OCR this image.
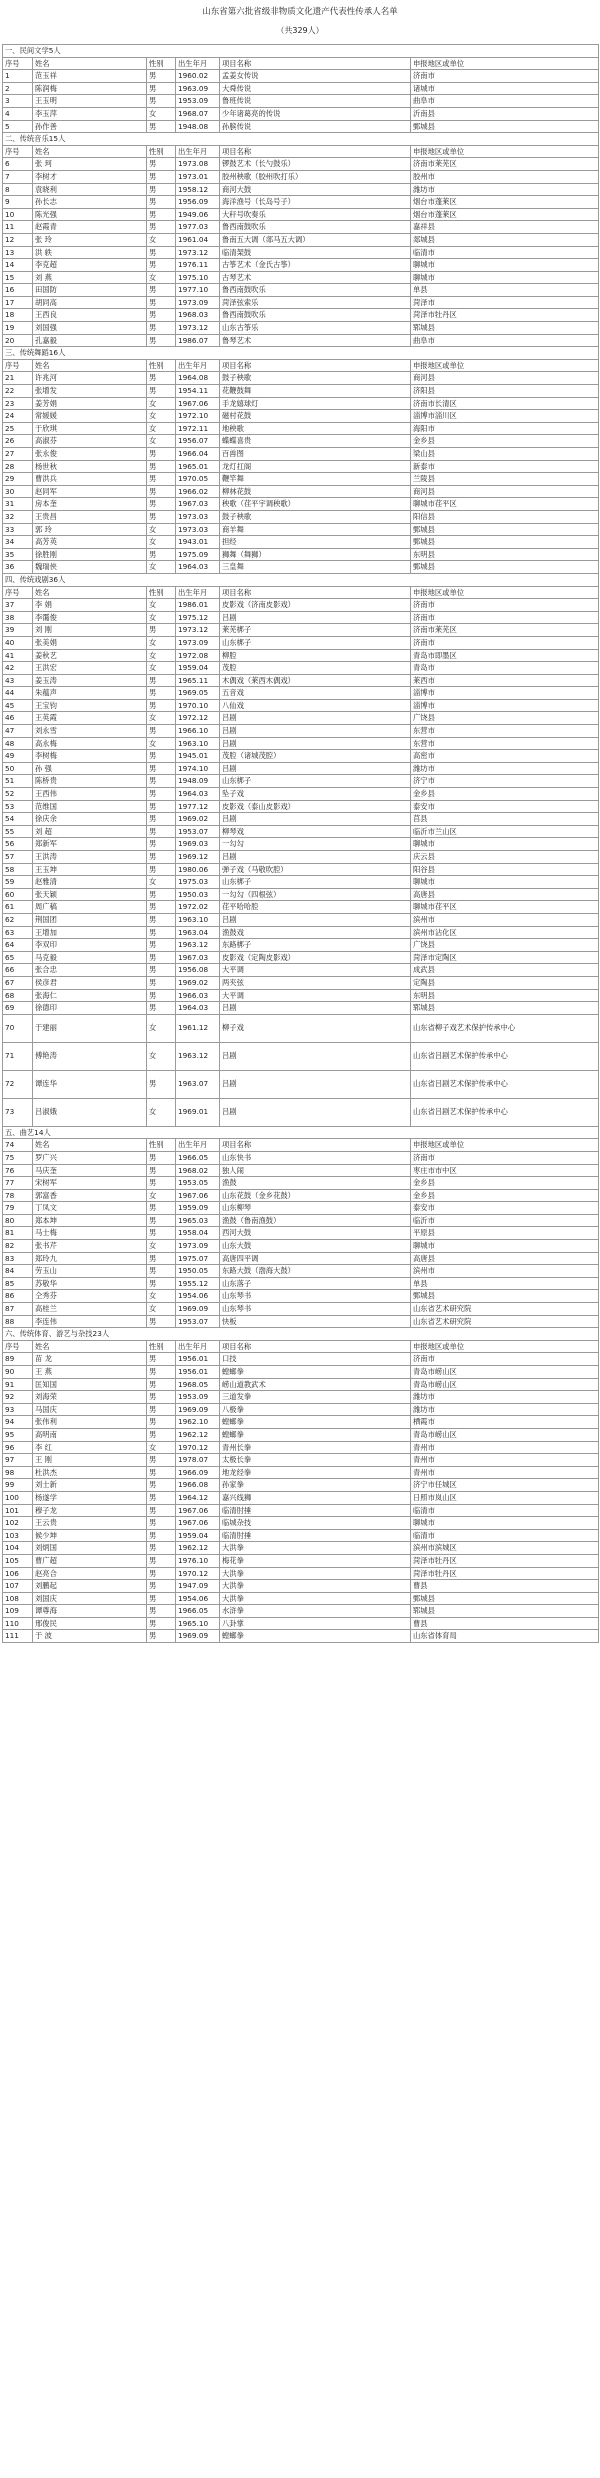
山东省第六批省级非物质文化遗产代表性传承人名单
（共329人）
一、民间文学5人					
序号	姓名	性别	出生年月	项目名称	申报地区或单位
1	范玉祥	男	1960.02	孟姜女传说	济南市
2	陈润梅	男	1963.09	大舜传说	诸城市
3	王玉明	男	1953.09	鲁班传说	曲阜市
4	李玉萍	女	1968.07	少年诸葛亮的传说	沂南县
5	孙作善	男	1948.08	孙膑传说	鄄城县
二、传统音乐15人					
序号	姓名	性别	出生年月	项目名称	申报地区或单位
6	张 珂	男	1973.08	锣鼓艺术（长勺鼓乐）	济南市莱芜区
7	李树才	男	1973.01	胶州秧歌（胶州吹打乐）	胶州市
8	袁晓利	男	1958.12	商河大鼓	潍坊市
9	孙长志	男	1956.09	海洋渔号（长岛号子）	烟台市蓬莱区
10	陈光强	男	1949.06	大秆号吹奏乐	烟台市蓬莱区
11	赵霞青	男	1977.03	鲁西南鼓吹乐	嘉祥县
12	张 玲	女	1961.04	鲁南五大调（郯马五大调）	郯城县
13	洪 轶	男	1973.12	临清架鼓	临清市
14	李克超	男	1976.11	古筝艺术（金氏古筝）	聊城市
15	刘 燕	女	1975.10	古琴艺术	聊城市
16	田国防	男	1977.10	鲁西南鼓吹乐	单县
17	胡同高	男	1973.09	菏泽弦索乐	菏泽市
18	王西良	男	1968.03	鲁西南鼓吹乐	菏泽市牡丹区
19	刘国强	男	1973.12	山东古筝乐	郓城县
20	孔嘉毅	男	1986.07	鲁琴艺术	曲阜市
三、传统舞蹈16人					
序号	姓名	性别	出生年月	项目名称	申报地区或单位
21	许兆河	男	1964.08	鼓子秧歌	商河县
22	张增发	男	1954.11	花鞭鼓舞	济阳县
23	姜芳娟	女	1967.06	手龙嬉球灯	济南市长清区
24	常媛媛	女	1972.10	磁村花鼓	淄博市淄川区
25	于欣琪	女	1972.11	地秧歌	海阳市
26	高淑芬	女	1956.07	蝶蝶喜贵	金乡县
27	张永俊	男	1966.04	百兽图	梁山县
28	杨世秋	男	1965.01	龙灯扛阁	新泰市
29	曹洪兵	男	1970.05	鞭竿舞	兰陵县
30	赵同军	男	1966.02	柳林花鼓	商河县
31	房本奎	男	1967.03	秧歌（荏平宇调秧歌）	聊城市荏平区
32	王贵昌	男	1973.03	鼓子秧歌	阳信县
33	郭 玲	女	1973.03	商羊舞	鄄城县
34	高芳英	女	1943.01	担经	鄄城县
35	徐胜刚	男	1975.09	狮舞（舞狮）	东明县
36	魏瑞侠	女	1964.03	三皇舞	鄄城县
四、传统戏剧36人					
序号	姓名	性别	出生年月	项目名称	申报地区或单位
37	李 娟	女	1986.01	皮影戏（济南皮影戏）	济南市
38	李霭俊	女	1975.12	吕剧	济南市
39	刘 刚	男	1973.12	莱芜梆子	济南市莱芜区
40	张美娟	女	1973.09	山东梆子	济南市
41	姜秋艺	女	1972.08	柳腔	青岛市即墨区
42	王洪宏	女	1959.04	茂腔	青岛市
43	姜玉涛	男	1965.11	木偶戏（莱西木偶戏）	莱西市
44	朱蕴声	男	1969.05	五音戏	淄博市
45	王宝钧	男	1970.10	八仙戏	淄博市
46	王英霞	女	1972.12	吕剧	广饶县
47	刘永雪	男	1966.10	吕剧	东营市
48	高永梅	女	1963.10	吕剧	东营市
49	李树梅	男	1945.01	茂腔（诸城茂腔）	高密市
50	孙 强	男	1974.10	吕剧	潍坊市
51	陈桥贵	男	1948.09	山东梆子	济宁市
52	王西伟	男	1964.03	坠子戏	金乡县
53	范维国	男	1977.12	皮影戏（泰山皮影戏）	泰安市
54	徐庆余	男	1969.02	吕剧	莒县
55	刘 超	男	1953.07	柳琴戏	临沂市兰山区
56	郑新军	男	1969.03	一勾勾	聊城市
57	王洪涛	男	1969.12	吕剧	庆云县
58	王玉坤	男	1980.06	弹子戏（马敬吹腔）	阳谷县
59	赵雅清	女	1975.03	山东梆子	聊城市
60	张天颖	男	1950.03	一勾勾（四根弦）	高唐县
61	周广稿	男	1972.02	荏平哈哈腔	聊城市荏平区
62	荆国团	男	1963.10	吕剧	滨州市
63	王增加	男	1963.04	渔鼓戏	滨州市沾化区
64	李双印	男	1963.12	东路梆子	广饶县
65	马克毅	男	1967.03	皮影戏（定陶皮影戏）	菏泽市定陶区
66	张合忠	男	1956.08	大平调	成武县
67	侯彦君	男	1969.02	两夹弦	定陶县
68	张海仁	男	1966.03	大平调	东明县
69	徐德印	男	1964.03	吕剧	郓城县
70	于建丽	女	1961.12	柳子戏	山东省柳子戏艺术保护传承中心
71	傅艳涛	女	1963.12	吕剧	山东省吕剧艺术保护传承中心
72	谭连华	男	1963.07	吕剧	山东省吕剧艺术保护传承中心
73	吕淑娥	女	1969.01	吕剧	山东省吕剧艺术保护传承中心
五、曲艺14人					
74	姓名	性别	出生年月	项目名称	申报地区或单位
75	罗广兴	男	1966.05	山东快书	济南市
76	马庆奎	男	1968.02	独人闹	枣庄市市中区
77	宋树军	男	1953.05	渔鼓	金乡县
78	郭富香	女	1967.06	山东花鼓（金乡花鼓）	金乡县
79	丁凤文	男	1959.09	山东柳琴	泰安市
80	郑本坤	男	1965.03	渔鼓（鲁南渔鼓）	临沂市
81	马士梅	男	1958.04	西河大鼓	平原县
82	张书芹	女	1973.09	山东大鼓	聊城市
83	郑玲九	男	1975.07	高唐四平调	高唐县
84	劳玉山	男	1950.05	东路大鼓（渤海大鼓）	滨州市
85	苏敬华	男	1955.12	山东落子	单县
86	仝秀芬	女	1954.06	山东琴书	鄄城县
87	高桂兰	女	1969.09	山东琴书	山东省艺术研究院
88	李连伟	男	1953.07	快板	山东省艺术研究院
六、传统体育、游艺与杂技23人					
序号	姓名	性别	出生年月	项目名称	申报地区或单位
89	苗 龙	男	1956.01	口技	济南市
90	王 燕	男	1956.01	螳螂拳	青岛市崂山区
91	匡知国	男	1968.05	崂山道教武术	青岛市崂山区
92	刘海荣	男	1953.09	三道发拳	潍坊市
93	马国庆	男	1969.09	八极拳	潍坊市
94	张伟利	男	1962.10	螳螂拳	栖霞市
95	高明南	男	1962.12	螳螂拳	青岛市崂山区
96	李 红	女	1970.12	青州长拳	青州市
97	王 刚	男	1978.07	太极长拳	青州市
98	杜洪杰	男	1966.09	地龙经拳	青州市
99	刘士新	男	1966.08	孙家拳	济宁市任城区
100	杨遂学	男	1964.12	嘉兴线狮	日照市岚山区
101	穆子龙	男	1967.06	临清肘捶	临清市
102	王云贵	男	1967.06	临城杂技	聊城市
103	候少坤	男	1959.04	临清肘捶	临清市
104	刘炳国	男	1962.12	大洪拳	滨州市滨城区
105	曹广超	男	1976.10	梅花拳	菏泽市牡丹区
106	赵亮合	男	1970.12	大洪拳	菏泽市牡丹区
107	刘鹏起	男	1947.09	大洪拳	曹县
108	刘国庆	男	1954.06	大洪拳	鄄城县
109	谭尊海	男	1966.05	水浒拳	郓城县
110	邢俊民	男	1965.10	八卦掌	曹县
111	于 波	男	1969.09	螳螂拳	山东省体育局
